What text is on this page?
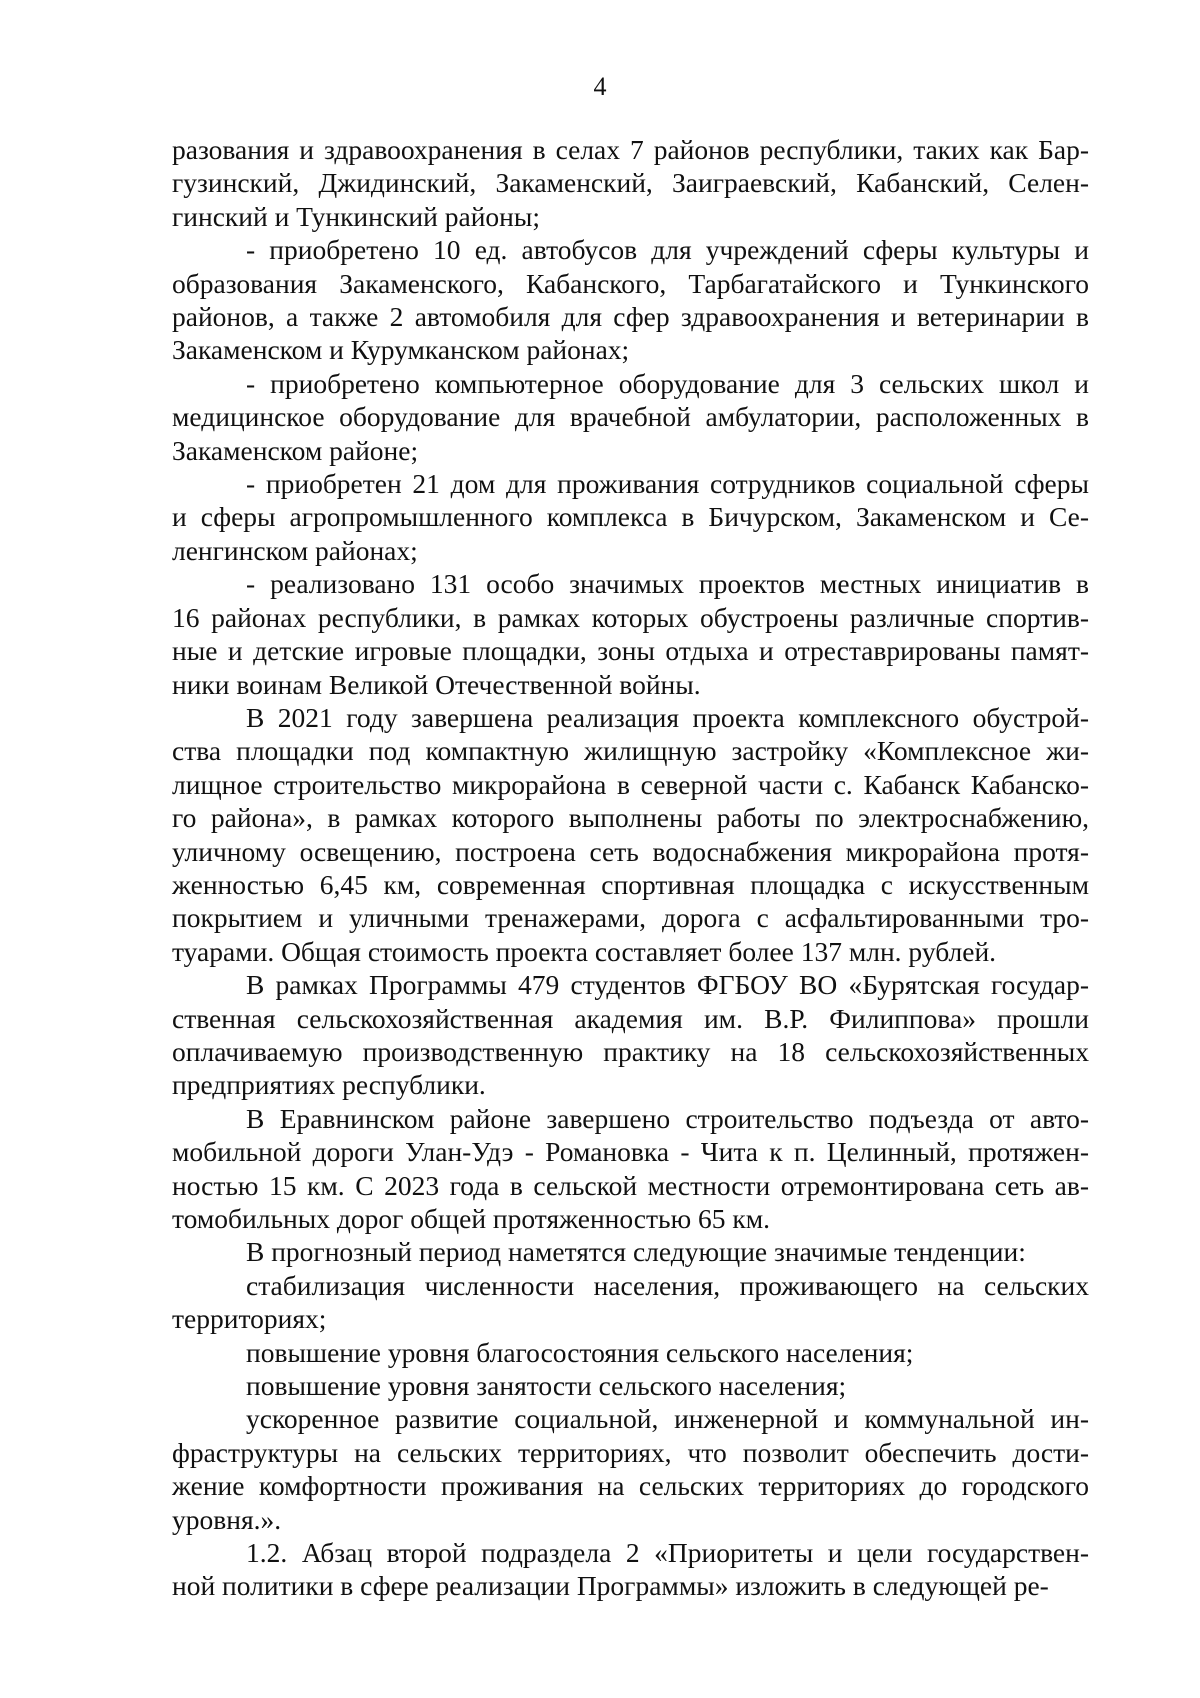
4
разования и здравоохранения в селах 7 районов республики, таких как Бар-
гузинский, Джидинский, Закаменский, Заиграевский, Кабанский, Селен-
гинский и Тункинский районы;
- приобретено 10 ед. автобусов для учреждений сферы культуры и
образования Закаменского, Кабанского, Тарбагатайского и Тункинского
районов, а также 2 автомобиля для сфер здравоохранения и ветеринарии в
Закаменском и Курумканском районах;
- приобретено компьютерное оборудование для 3 сельских школ и
медицинское оборудование для врачебной амбулатории, расположенных в
Закаменском районе;
- приобретен 21 дом для проживания сотрудников социальной сферы
и сферы агропромышленного комплекса в Бичурском, Закаменском и Се-
ленгинском районах;
- реализовано 131 особо значимых проектов местных инициатив в
16 районах республики, в рамках которых обустроены различные спортив-
ные и детские игровые площадки, зоны отдыха и отреставрированы памят-
ники воинам Великой Отечественной войны.
В 2021 году завершена реализация проекта комплексного обустрой-
ства площадки под компактную жилищную застройку «Комплексное жи-
лищное строительство микрорайона в северной части с. Кабанск Кабанско-
го района», в рамках которого выполнены работы по электроснабжению,
уличному освещению, построена сеть водоснабжения микрорайона протя-
женностью 6,45 км, современная спортивная площадка с искусственным
покрытием и уличными тренажерами, дорога с асфальтированными тро-
туарами. Общая стоимость проекта составляет более 137 млн. рублей.
В рамках Программы 479 студентов ФГБОУ ВО «Бурятская государ-
ственная сельскохозяйственная академия им. В.Р. Филиппова» прошли
оплачиваемую производственную практику на 18 сельскохозяйственных
предприятиях республики.
В Еравнинском районе завершено строительство подъезда от авто-
мобильной дороги Улан-Удэ - Романовка - Чита к п. Целинный, протяжен-
ностью 15 км. С 2023 года в сельской местности отремонтирована сеть ав-
томобильных дорог общей протяженностью 65 км.
В прогнозный период наметятся следующие значимые тенденции:
стабилизация численности населения, проживающего на сельских
территориях;
повышение уровня благосостояния сельского населения;
повышение уровня занятости сельского населения;
ускоренное развитие социальной, инженерной и коммунальной ин-
фраструктуры на сельских территориях, что позволит обеспечить дости-
жение комфортности проживания на сельских территориях до городского
уровня.».
1.2. Абзац второй подраздела 2 «Приоритеты и цели государствен-
ной политики в сфере реализации Программы» изложить в следующей ре-
